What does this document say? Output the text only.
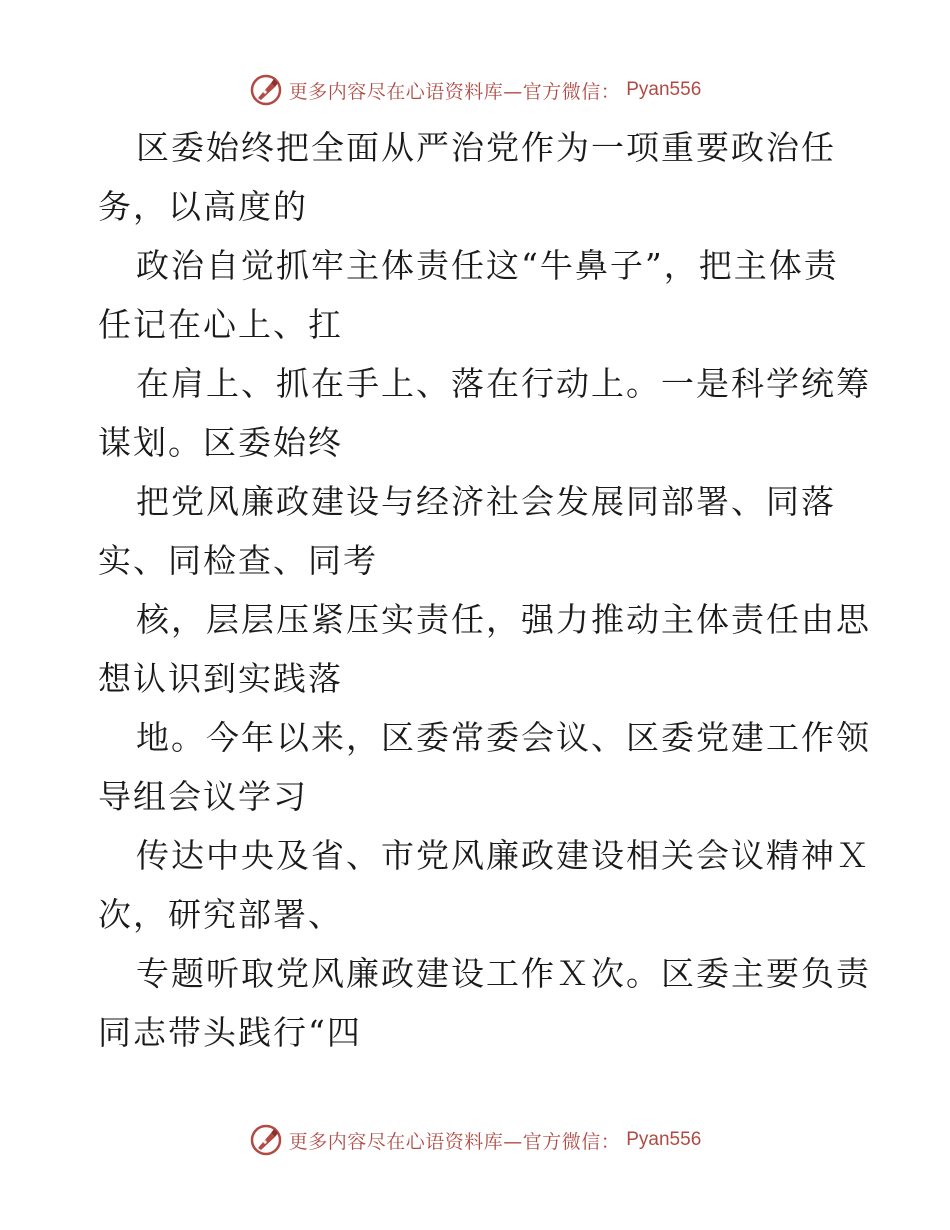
更多内容尽在心语资料库—官方微信： Pyan556
区委始终把全面从严治党作为一项重要政治任
务，以高度的
政治自觉抓牢主体责任这“牛鼻子”，把主体责
任记在心上、扛
在肩上、抓在手上、落在行动上。一是科学统筹
谋划。区委始终
把党风廉政建设与经济社会发展同部署、同落
实、同检查、同考
核，层层压紧压实责任，强力推动主体责任由思
想认识到实践落
地。今年以来，区委常委会议、区委党建工作领
导组会议学习
传达中央及省、市党风廉政建设相关会议精神Ｘ
次，研究部署、
专题听取党风廉政建设工作Ｘ次。区委主要负责
同志带头践行“四
更多内容尽在心语资料库—官方微信： Pyan556
